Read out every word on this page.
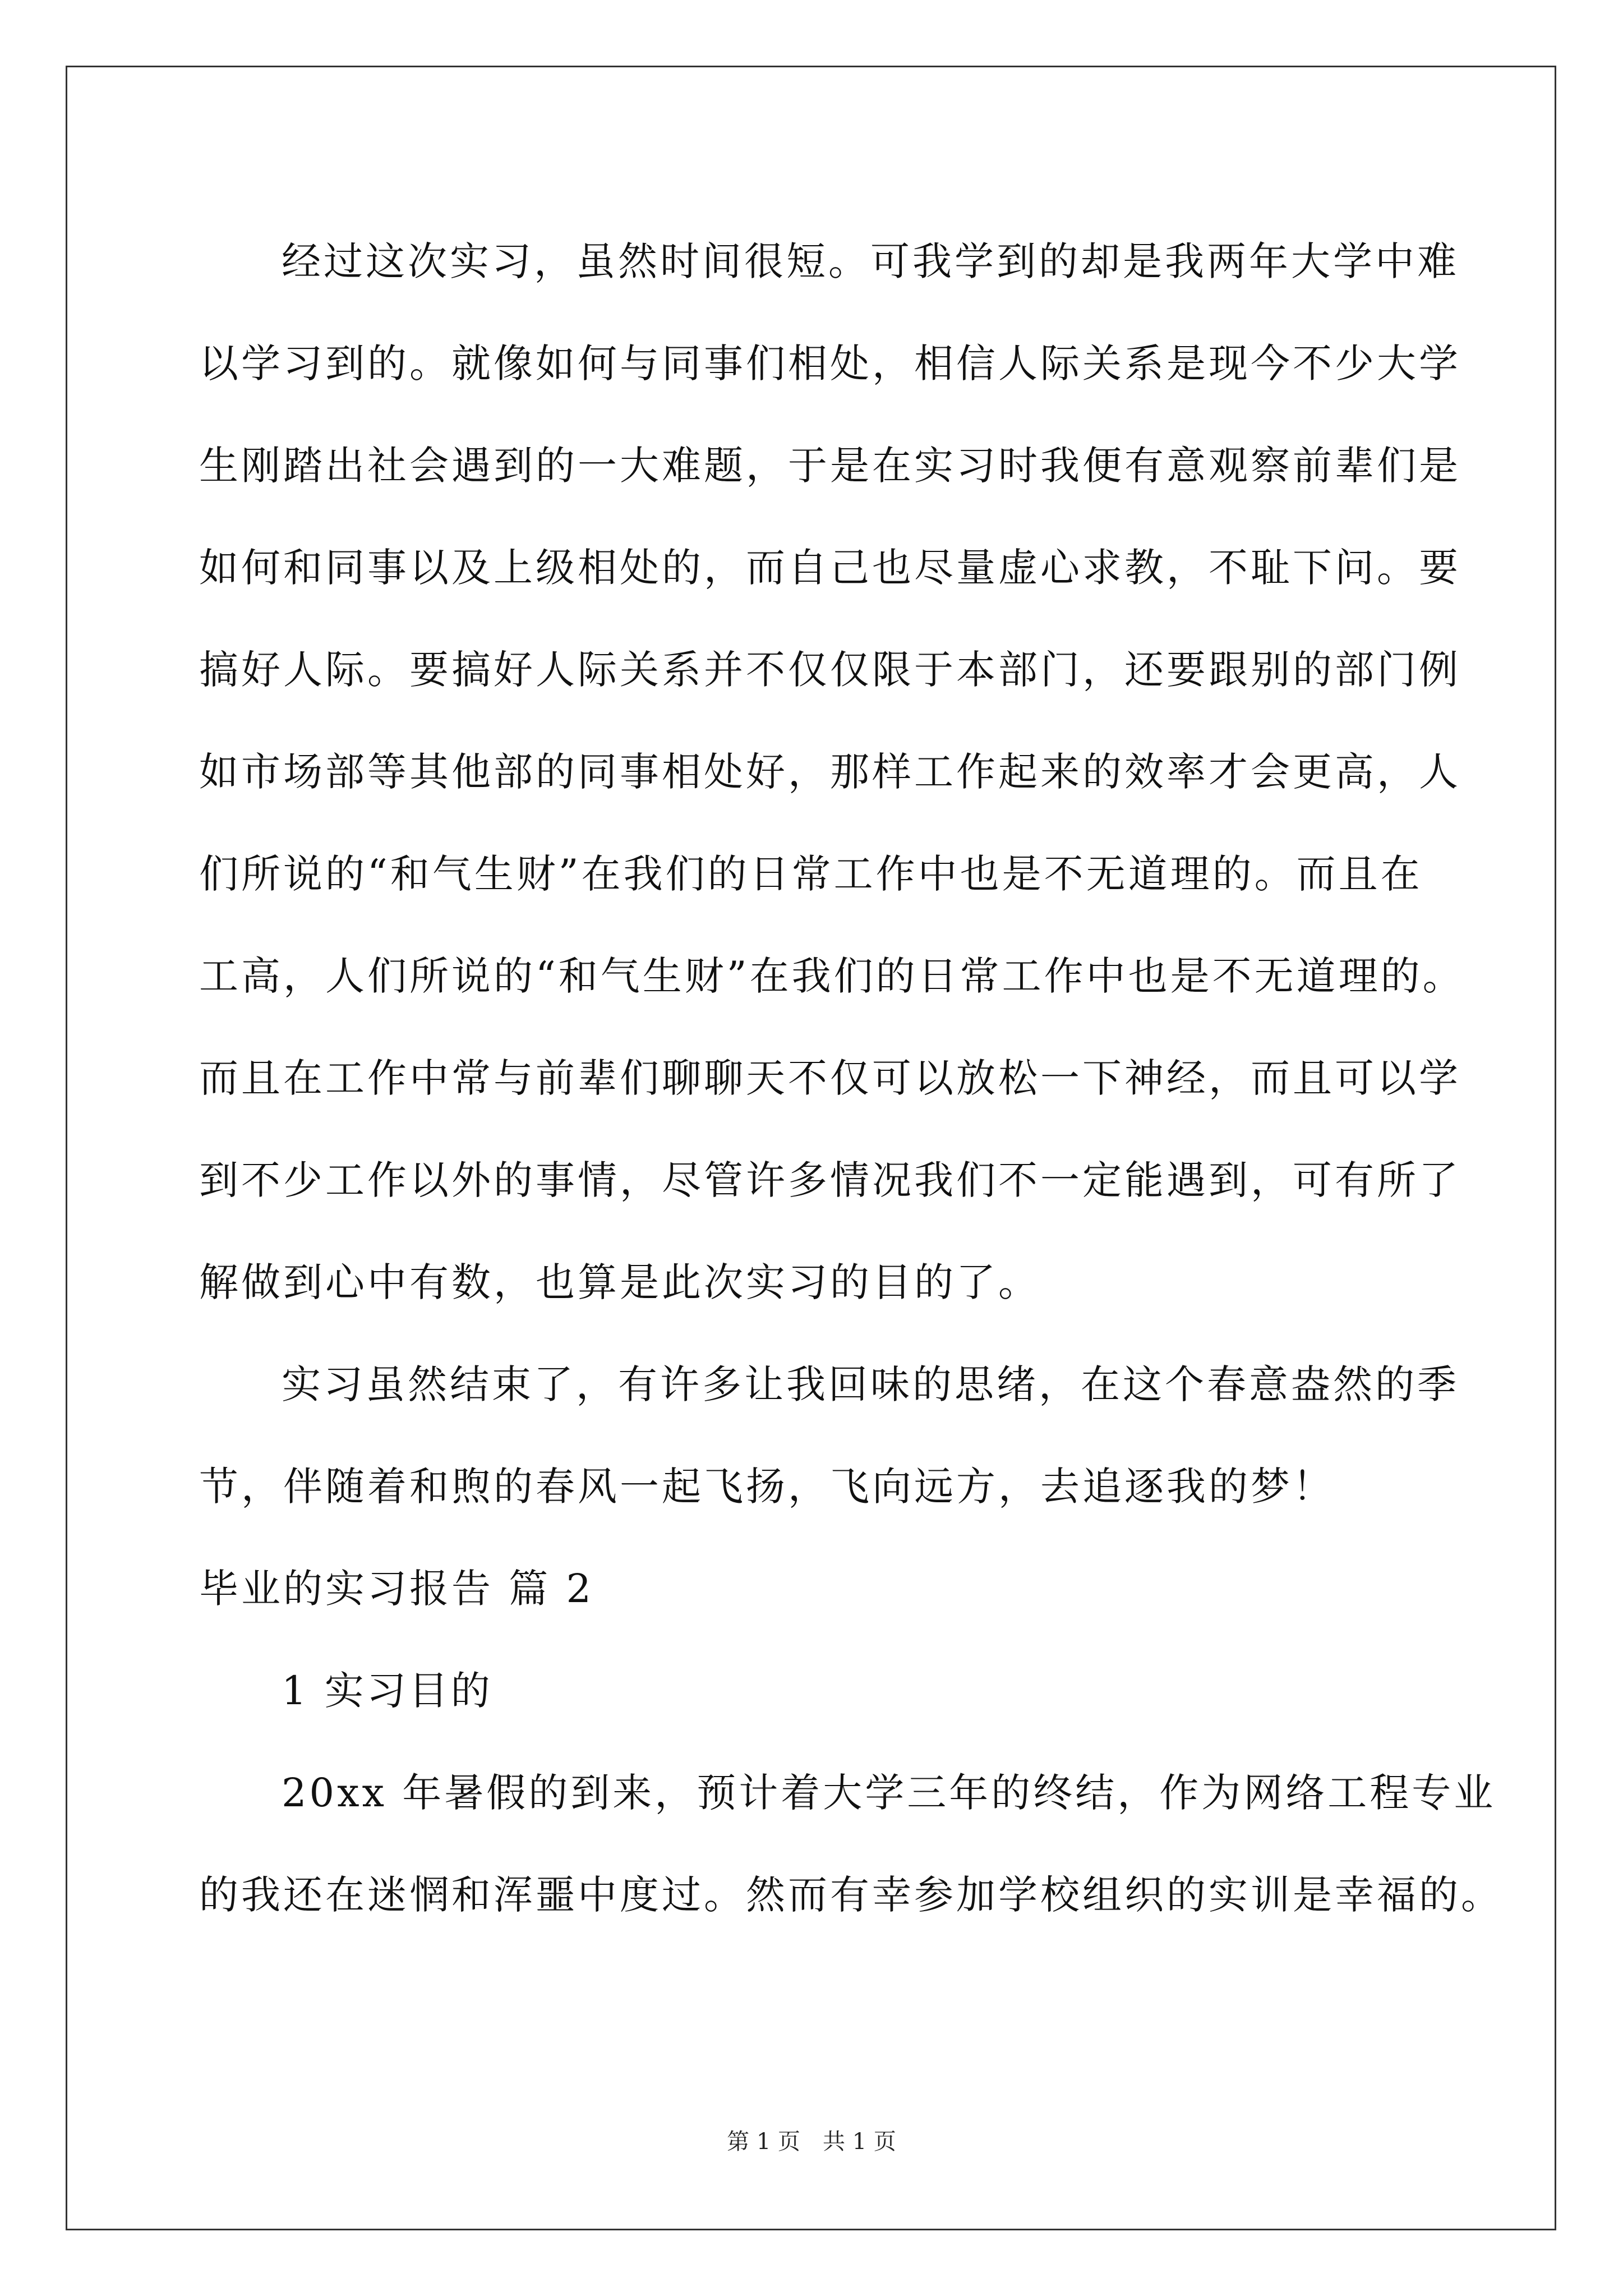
经过这次实习，虽然时间很短。可我学到的却是我两年大学中难
以学习到的。就像如何与同事们相处，相信人际关系是现今不少大学
生刚踏出社会遇到的一大难题，于是在实习时我便有意观察前辈们是
如何和同事以及上级相处的，而自己也尽量虚心求教，不耻下问。要
搞好人际。要搞好人际关系并不仅仅限于本部门，还要跟别的部门例
如市场部等其他部的同事相处好，那样工作起来的效率才会更高，人
们所说的“和气生财”在我们的日常工作中也是不无道理的。而且在
工高，人们所说的“和气生财”在我们的日常工作中也是不无道理的。
而且在工作中常与前辈们聊聊天不仅可以放松一下神经，而且可以学
到不少工作以外的事情，尽管许多情况我们不一定能遇到，可有所了
解做到心中有数，也算是此次实习的目的了。
实习虽然结束了，有许多让我回味的思绪，在这个春意盎然的季
节，伴随着和煦的春风一起飞扬，飞向远方，去追逐我的梦！
毕业的实习报告 篇 2
1 实习目的
20xx 年暑假的到来，预计着大学三年的终结，作为网络工程专业
的我还在迷惘和浑噩中度过。然而有幸参加学校组织的实训是幸福的。
第 1 页　共 1 页
